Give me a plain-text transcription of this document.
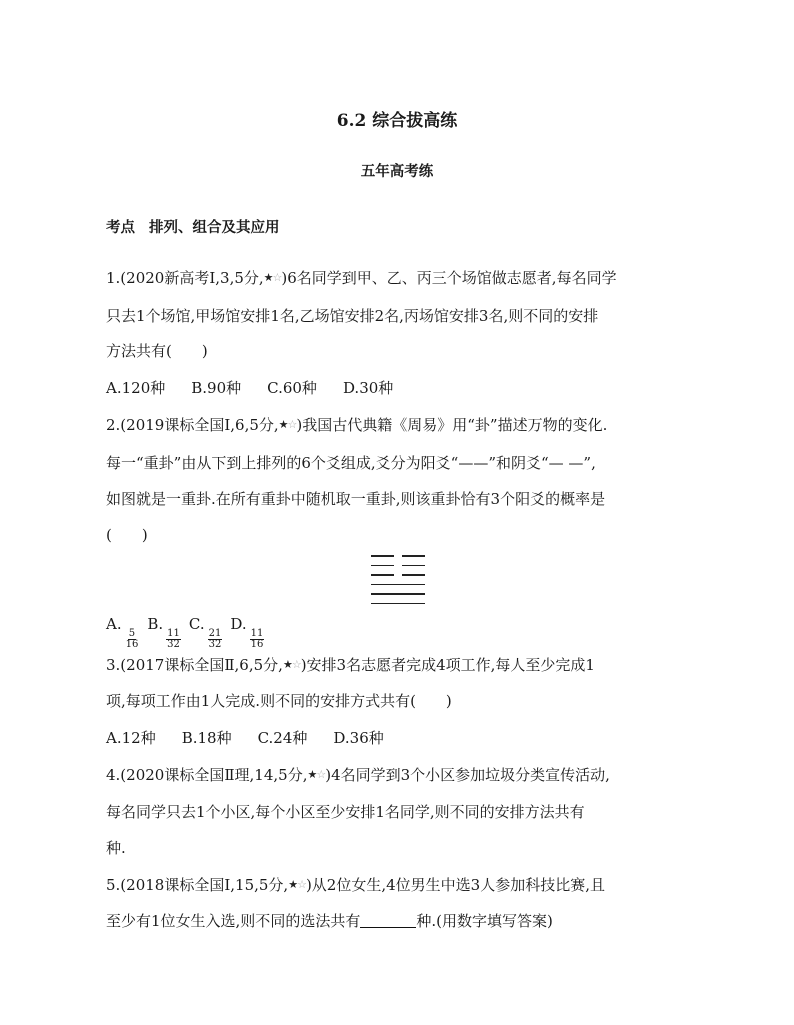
6.2 综合拔高练
五年高考练
考点 排列、组合及其应用
1.(2020新高考Ⅰ,3,5分,★☆)6名同学到甲、乙、丙三个场馆做志愿者,每名同学
只去1个场馆,甲场馆安排1名,乙场馆安排2名,丙场馆安排3名,则不同的安排
方法共有(　　)
A.120种 B.90种 C.60种 D.30种
2.(2019课标全国Ⅰ,6,5分,★☆)我国古代典籍《周易》用“卦”描述万物的变化.
每一“重卦”由从下到上排列的6个爻组成,爻分为阳爻“——”和阴爻“— —”,
如图就是一重卦.在所有重卦中随机取一重卦,则该重卦恰有3个阳爻的概率是
(　　)
A.
$\frac{5}{16}$
B.
$\frac{11}{32}$
C.
$\frac{21}{32}$
D.
$\frac{11}{16}$
3.(2017课标全国Ⅱ,6,5分,★☆)安排3名志愿者完成4项工作,每人至少完成1
项,每项工作由1人完成.则不同的安排方式共有(　　)
A.12种 B.18种 C.24种 D.36种
4.(2020课标全国Ⅱ理,14,5分,★☆)4名同学到3个小区参加垃圾分类宣传活动,
每名同学只去1个小区,每个小区至少安排1名同学,则不同的安排方法共有
种.
5.(2018课标全国Ⅰ,15,5分,★☆)从2位女生,4位男生中选3人参加科技比赛,且
至少有1位女生入选,则不同的选法共有	种.(用数字填写答案)
